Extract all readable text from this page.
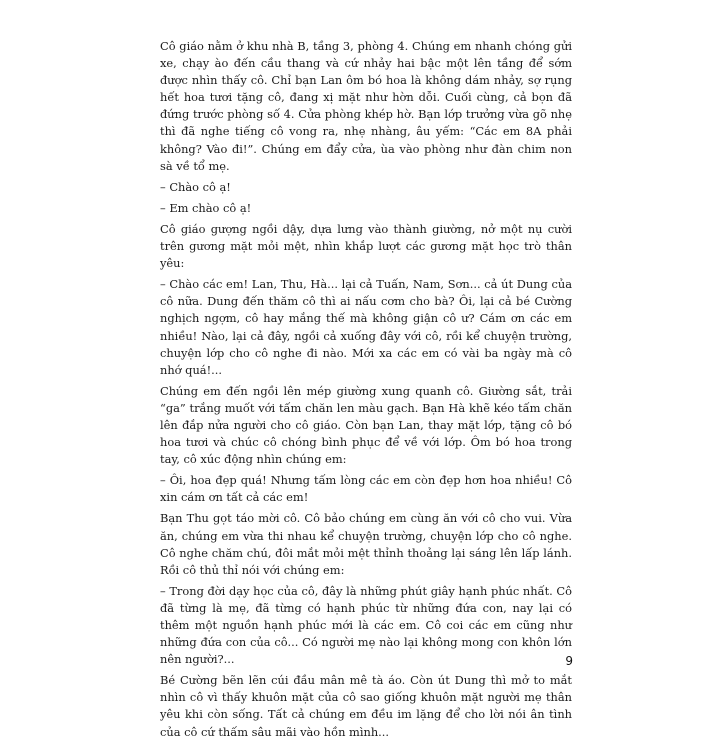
Cô giáo nằm ở khu nhà B, tầng 3, phòng 4. Chúng em nhanh chóng gửi xe, chạy ào đến cầu thang và cứ nhảy hai bậc một lên tầng để sớm được nhìn thấy cô. Chỉ bạn Lan ôm bó hoa là không dám nhảy, sợ rụng hết hoa tươi tặng cô, đang xị mặt như hờn dỗi. Cuối cùng, cả bọn đã đứng trước phòng số 4. Cửa phòng khép hờ. Bạn lớp trưởng vừa gõ nhẹ thì đã nghe tiếng cô vong ra, nhẹ nhàng, âu yếm: “Các em 8A phải không? Vào đi!”. Chúng em đẩy cửa, ùa vào phòng như đàn chim non sà về tổ mẹ.

– Chào cô ạ!

– Em chào cô ạ!

Cô giáo gượng ngồi dậy, dựa lưng vào thành giường, nở một nụ cười trên gương mặt mỏi mệt, nhìn khắp lượt các gương mặt học trò thân yêu:

– Chào các em! Lan, Thu, Hà... lại cả Tuấn, Nam, Sơn... cả út Dung của cô nữa. Dung đến thăm cô thì ai nấu cơm cho bà? Ôi, lại cả bé Cường nghịch ngợm, cô hay mắng thế mà không giận cô ư? Cám ơn các em nhiều! Nào, lại cả đây, ngồi cả xuống đây với cô, rồi kể chuyện trường, chuyện lớp cho cô nghe đi nào. Mới xa các em có vài ba ngày mà cô nhớ quá!...

Chúng em đến ngồi lên mép giường xung quanh cô. Giường sắt, trải “ga” trắng muốt với tấm chăn len màu gạch. Bạn Hà khẽ kéo tấm chăn lên đắp nửa người cho cô giáo. Còn bạn Lan, thay mặt lớp, tặng cô bó hoa tươi và chúc cô chóng bình phục để về với lớp. Ôm bó hoa trong tay, cô xúc động nhìn chúng em:

– Ôi, hoa đẹp quá! Nhưng tấm lòng các em còn đẹp hơn hoa nhiều! Cô xin cám ơn tất cả các em!

Bạn Thu gọt táo mời cô. Cô bảo chúng em cùng ăn với cô cho vui. Vừa ăn, chúng em vừa thi nhau kể chuyện trường, chuyện lớp cho cô nghe. Cô nghe chăm chú, đôi mắt mỏi mệt thỉnh thoảng lại sáng lên lấp lánh. Rồi cô thủ thỉ nói với chúng em:

– Trong đời dạy học của cô, đây là những phút giây hạnh phúc nhất. Cô đã từng là mẹ, đã từng có hạnh phúc từ những đứa con, nay lại có thêm một nguồn hạnh phúc mới là các em. Cô coi các em cũng như những đứa con của cô... Có người mẹ nào lại không mong con khôn lớn nên người?...

Bé Cường bẽn lẽn cúi đầu mân mê tà áo. Còn út Dung thì mở to mắt nhìn cô vì thấy khuôn mặt của cô sao giống khuôn mặt người mẹ thân yêu khi còn sống. Tất cả chúng em đều im lặng để cho lời nói ân tình của cô cứ thấm sâu mãi vào hồn mình...

9
